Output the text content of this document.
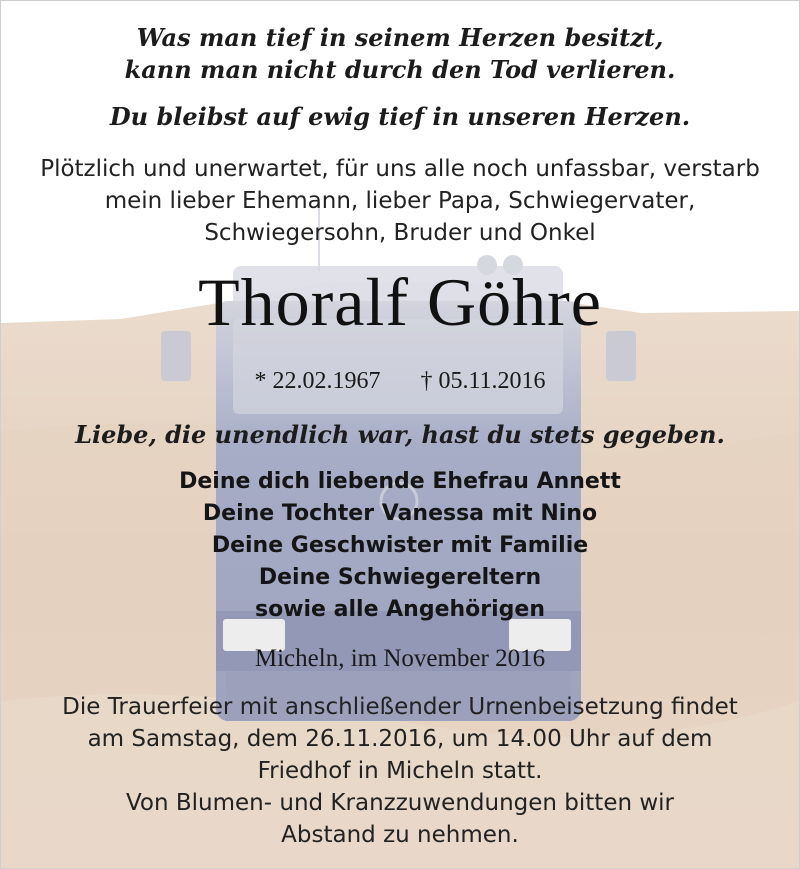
Was man tief in seinem Herzen besitzt,
kann man nicht durch den Tod verlieren.
Du bleibst auf ewig tief in unseren Herzen.
Plötzlich und unerwartet, für uns alle noch unfassbar, verstarb
mein lieber Ehemann, lieber Papa, Schwiegervater,
Schwiegersohn, Bruder und Onkel
Thoralf Göhre
* 22.02.1967 † 05.11.2016
Liebe, die unendlich war, hast du stets gegeben.
Deine dich liebende Ehefrau Annett
Deine Tochter Vanessa mit Nino
Deine Geschwister mit Familie
Deine Schwiegereltern
sowie alle Angehörigen
Micheln, im November 2016
Die Trauerfeier mit anschließender Urnenbeisetzung findet
am Samstag, dem 26.11.2016, um 14.00 Uhr auf dem
Friedhof in Micheln statt.
Von Blumen- und Kranzzuwendungen bitten wir
Abstand zu nehmen.
